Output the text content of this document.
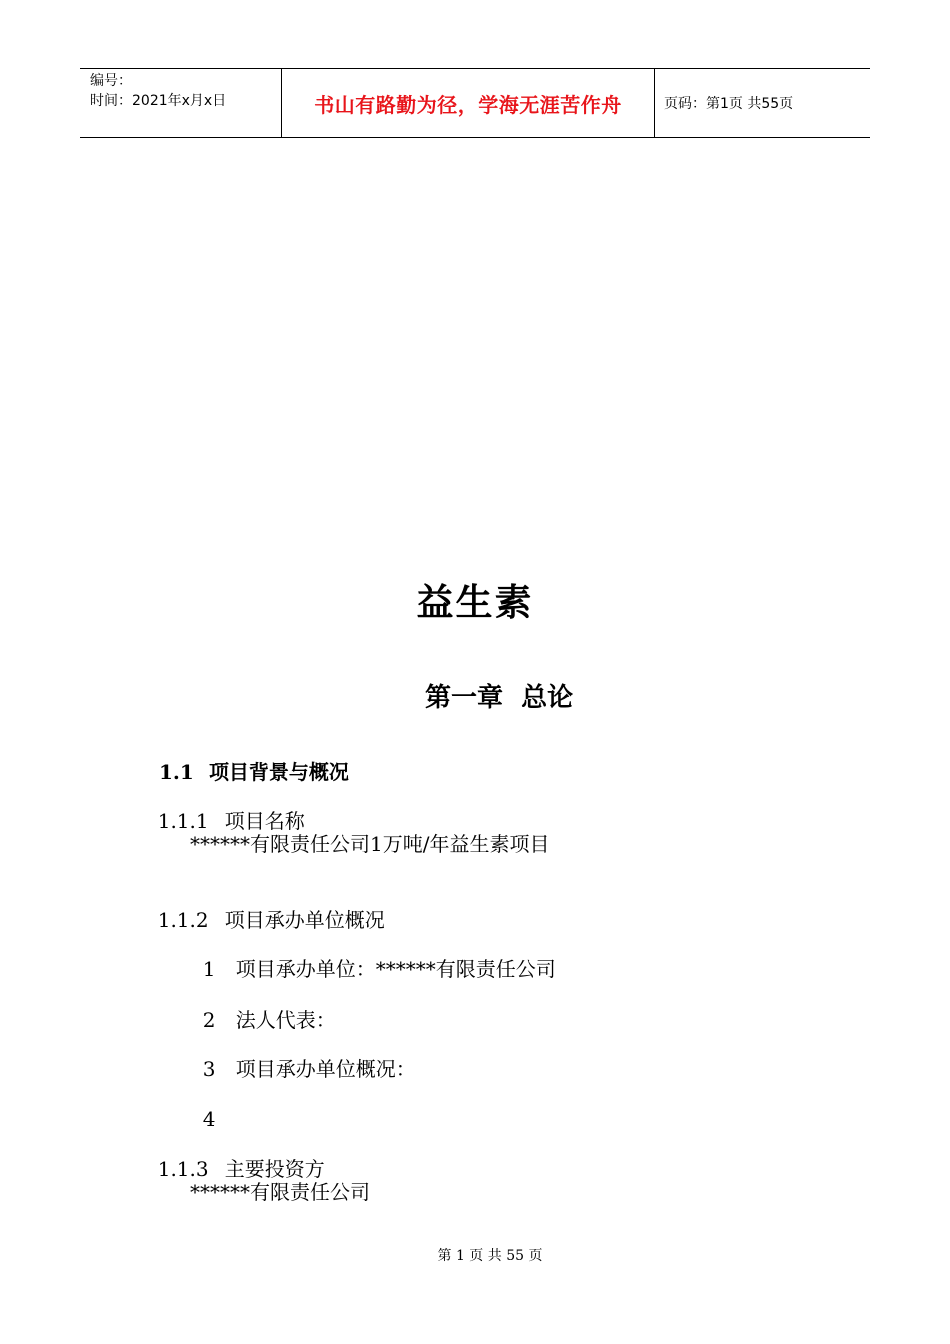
编号：
时间：2021年x月x日	书山有路勤为径，学海无涯苦作舟	页码：第1页 共55页
益生素
第一章  总论

1.1 项目背景与概况

1.1.1 项目名称

******有限责任公司1万吨/年益生素项目

1.1.2 项目承办单位概况

1 项目承办单位：******有限责任公司

2 法人代表：

3 项目承办单位概况：

4

1.1.3 主要投资方

******有限责任公司
第 1 页 共 55 页
